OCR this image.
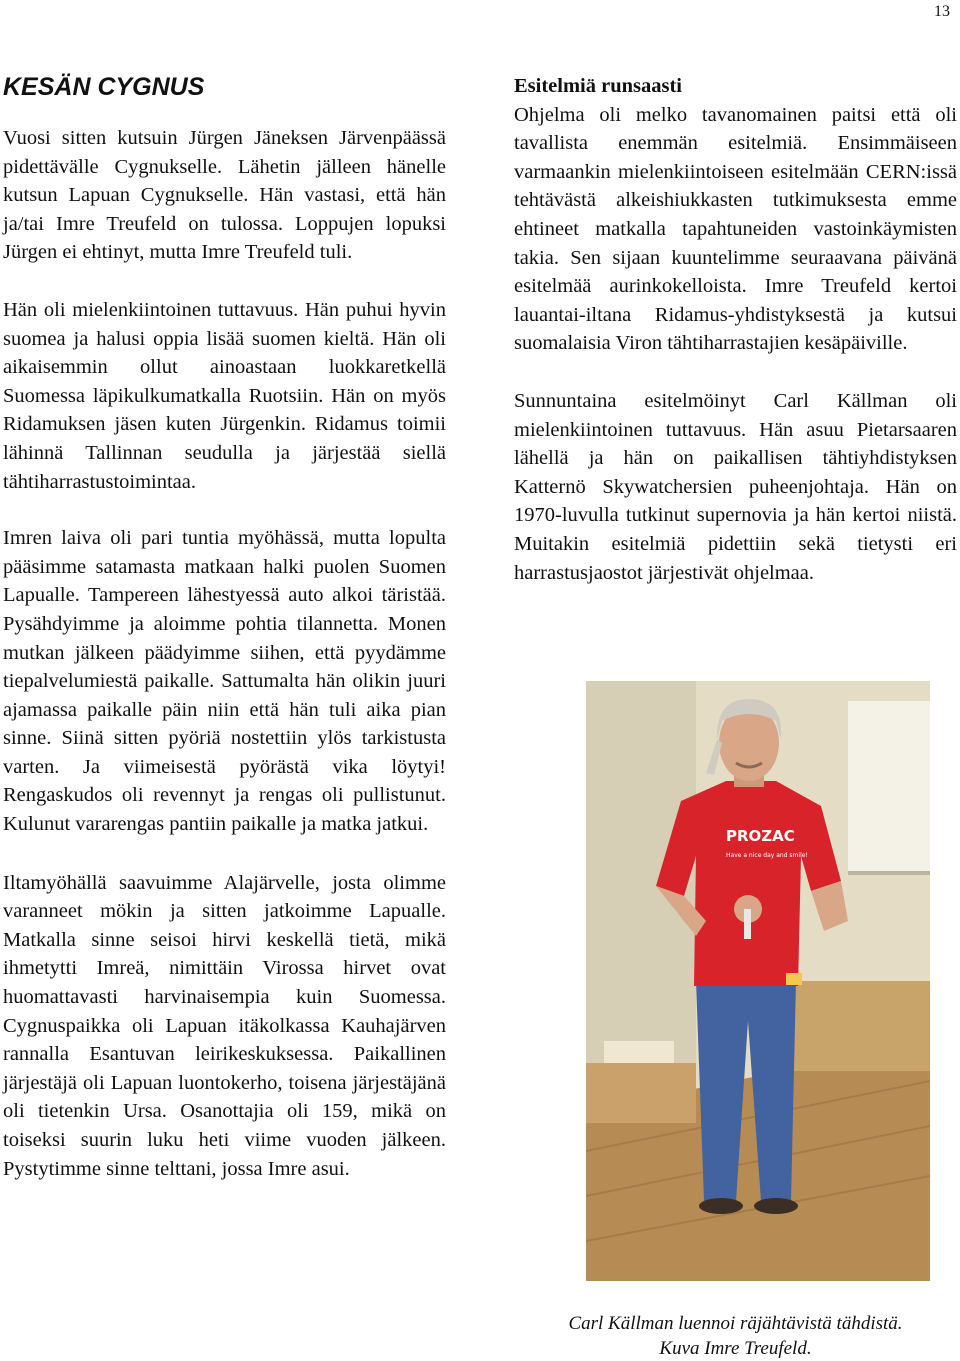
13
KESÄN CYGNUS

Vuosi sitten kutsuin Jürgen Jäneksen Järvenpäässä pidettävälle Cygnukselle. Lähetin jälleen hänelle kutsun Lapuan Cygnukselle. Hän vastasi, että hän ja/tai Imre Treufeld on tulossa. Loppujen lopuksi Jürgen ei ehtinyt, mutta Imre Treufeld tuli.

Hän oli mielenkiintoinen tuttavuus. Hän puhui hyvin suomea ja halusi oppia lisää suomen kieltä. Hän oli aikaisemmin ollut ainoastaan luokkaretkellä Suomessa läpikulkumatkalla Ruotsiin. Hän on myös Ridamuksen jäsen kuten Jürgenkin. Ridamus toimii lähinnä Tallinnan seudulla ja järjestää siellä tähtiharrastustoimintaa.

Imren laiva oli pari tuntia myöhässä, mutta lopulta pääsimme satamasta matkaan halki puolen Suomen Lapualle. Tampereen lähestyessä auto alkoi täristää. Pysähdyimme ja aloimme pohtia tilannetta. Monen mutkan jälkeen päädyimme siihen, että pyydämme tiepalvelumiestä paikalle. Sattumalta hän olikin juuri ajamassa paikalle päin niin että hän tuli aika pian sinne. Siinä sitten pyöriä nostettiin ylös tarkistusta varten. Ja viimeisestä pyörästä vika löytyi! Rengaskudos oli revennyt ja rengas oli pullistunut. Kulunut vararengas pantiin paikalle ja matka jatkui.

Iltamyöhällä saavuimme Alajärvelle, josta olimme varanneet mökin ja sitten jatkoimme Lapualle. Matkalla sinne seisoi hirvi keskellä tietä, mikä ihmetytti Imreä, nimittäin Virossa hirvet ovat huomattavasti harvinaisempia kuin Suomessa. Cygnuspaikka oli Lapuan itäkolkassa Kauhajärven rannalla Esantuvan leirikeskuksessa. Paikallinen järjestäjä oli Lapuan luontokerho, toisena järjestäjänä oli tietenkin Ursa. Osanottajia oli 159, mikä on toiseksi suurin luku heti viime vuoden jälkeen. Pystytimme sinne telttani, jossa Imre asui.

Esitelmiä runsaasti

Ohjelma oli melko tavanomainen paitsi että oli tavallista enemmän esitelmiä. Ensimmäiseen varmaankin mielenkiintoiseen esitelmään CERN:issä tehtävästä alkeishiukkasten tutkimuksesta emme ehtineet matkalla tapahtuneiden vastoinkäymisten takia. Sen sijaan kuuntelimme seuraavana päivänä esitelmää aurinkokelloista. Imre Treufeld kertoi lauantai-iltana Ridamus-yhdistyksestä ja kutsui suomalaisia Viron tähtiharrastajien kesäpäiville.

Sunnuntaina esitelmöinyt Carl Källman oli mielenkiintoinen tuttavuus. Hän asuu Pietarsaaren lähellä ja hän on paikallisen tähtiyhdistyksen Katternö Skywatchersien puheenjohtaja. Hän on 1970-luvulla tutkinut supernovia ja hän kertoi niistä. Muitakin esitelmiä pidettiin sekä tietysti eri harrastusjaostot järjestivät ohjelmaa.

PROZAC
Have a nice day and smile!
Carl Källman luennoi räjähtävistä tähdistä.
Kuva Imre Treufeld.
